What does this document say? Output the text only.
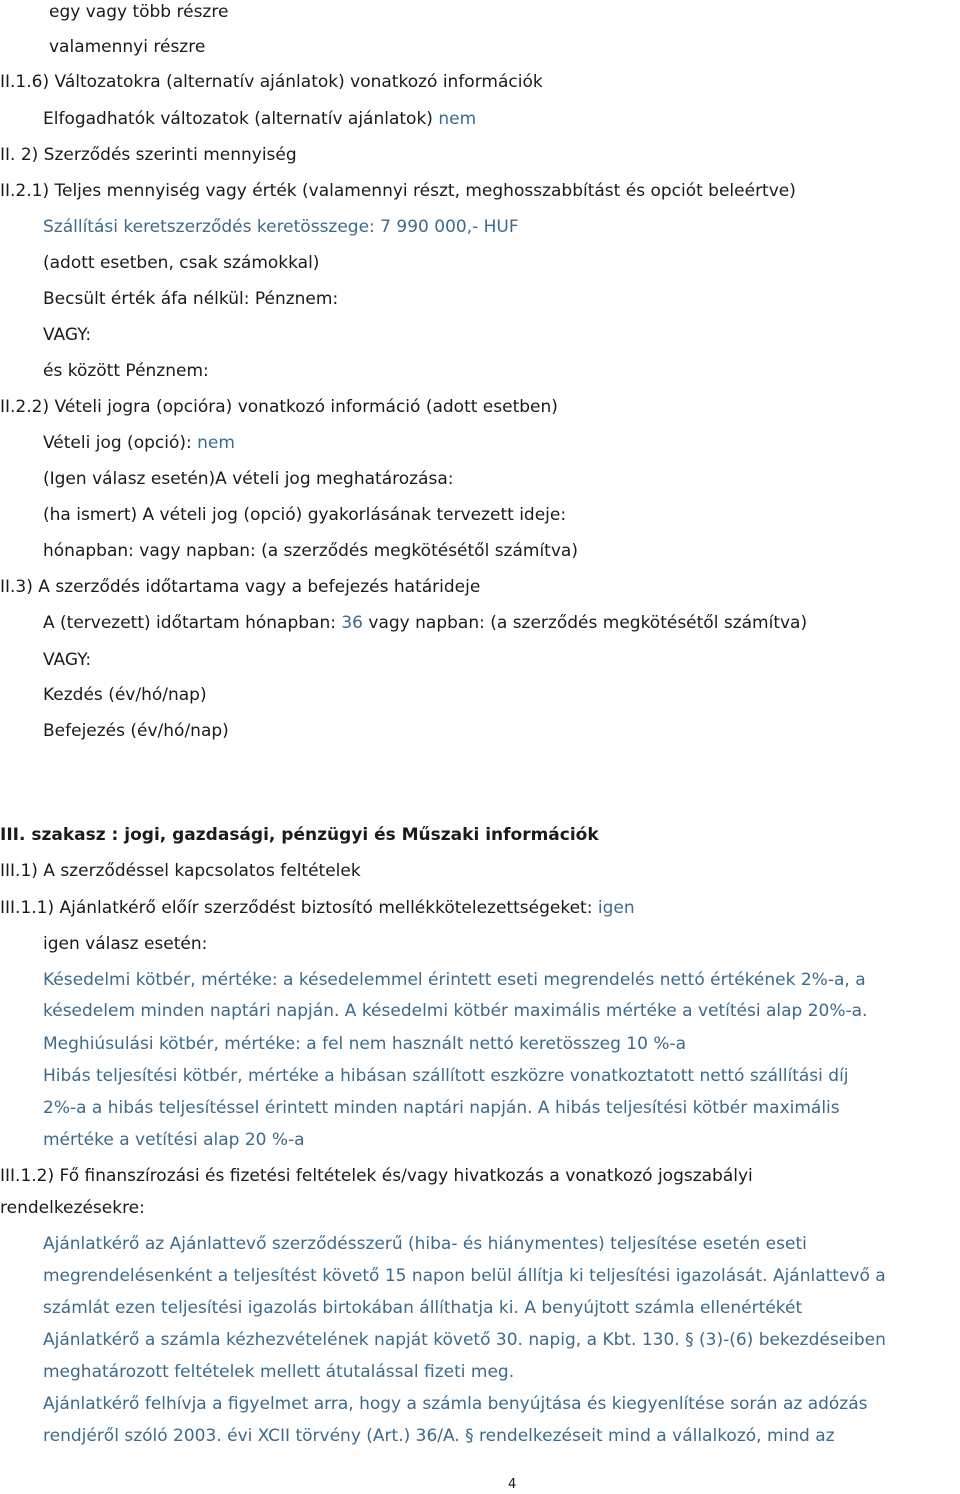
egy vagy több részre

valamennyi részre

II.1.6) Változatokra (alternatív ajánlatok) vonatkozó információk

Elfogadhatók változatok (alternatív ajánlatok) nem

II. 2) Szerződés szerinti mennyiség

II.2.1) Teljes mennyiség vagy érték (valamennyi részt, meghosszabbítást és opciót beleértve)

Szállítási keretszerződés keretösszege: 7 990 000,- HUF

(adott esetben, csak számokkal)

Becsült érték áfa nélkül: Pénznem:

VAGY:

és között Pénznem:

II.2.2) Vételi jogra (opcióra) vonatkozó információ (adott esetben)

Vételi jog (opció): nem

(Igen válasz esetén)A vételi jog meghatározása:

(ha ismert) A vételi jog (opció) gyakorlásának tervezett ideje:

hónapban: vagy napban: (a szerződés megkötésétől számítva)

II.3) A szerződés időtartama vagy a befejezés határideje

A (tervezett) időtartam hónapban: 36 vagy napban: (a szerződés megkötésétől számítva)

VAGY:

Kezdés (év/hó/nap)

Befejezés (év/hó/nap)

III. szakasz : jogi, gazdasági, pénzügyi és Műszaki információk

III.1) A szerződéssel kapcsolatos feltételek

III.1.1) Ajánlatkérő előír szerződést biztosító mellékkötelezettségeket: igen

igen válasz esetén:

Késedelmi kötbér, mértéke: a késedelemmel érintett eseti megrendelés nettó értékének 2%-a, a

késedelem minden naptári napján. A késedelmi kötbér maximális mértéke a vetítési alap 20%-a.

Meghiúsulási kötbér, mértéke: a fel nem használt nettó keretösszeg 10 %-a

Hibás teljesítési kötbér, mértéke a hibásan szállított eszközre vonatkoztatott nettó szállítási díj

2%-a a hibás teljesítéssel érintett minden naptári napján. A hibás teljesítési kötbér maximális

mértéke a vetítési alap 20 %-a

III.1.2) Fő finanszírozási és fizetési feltételek és/vagy hivatkozás a vonatkozó jogszabályi

rendelkezésekre:

Ajánlatkérő az Ajánlattevő szerződésszerű (hiba- és hiánymentes) teljesítése esetén eseti

megrendelésenként a teljesítést követő 15 napon belül állítja ki teljesítési igazolását. Ajánlattevő a

számlát ezen teljesítési igazolás birtokában állíthatja ki. A benyújtott számla ellenértékét

Ajánlatkérő a számla kézhezvételének napját követő 30. napig, a Kbt. 130. § (3)-(6) bekezdéseiben

meghatározott feltételek mellett átutalással fizeti meg.

Ajánlatkérő felhívja a figyelmet arra, hogy a számla benyújtása és kiegyenlítése során az adózás

rendjéről szóló 2003. évi XCII törvény (Art.) 36/A. § rendelkezéseit mind a vállalkozó, mind az

4
